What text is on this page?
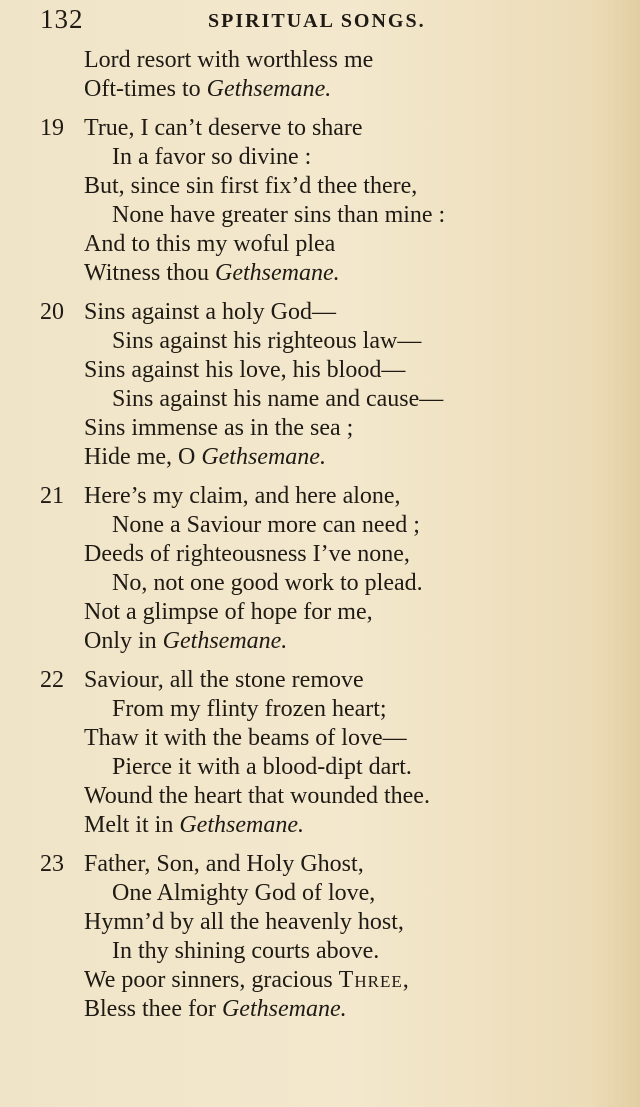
132	SPIRITUAL SONGS.
Lord resort with worthless me
Oft-times to Gethsemane.
19 True, I can’t deserve to share
In a favor so divine :
But, since sin first fix’d thee there,
None have greater sins than mine :
And to this my woful plea
Witness thou Gethsemane.
20 Sins against a holy God—
Sins against his righteous law—
Sins against his love, his blood—
Sins against his name and cause—
Sins immense as in the sea ;
Hide me, O Gethsemane.
21 Here’s my claim, and here alone,
None a Saviour more can need ;
Deeds of righteousness I’ve none,
No, not one good work to plead.
Not a glimpse of hope for me,
Only in Gethsemane.
22 Saviour, all the stone remove
From my flinty frozen heart;
Thaw it with the beams of love—
Pierce it with a blood-dipt dart.
Wound the heart that wounded thee.
Melt it in Gethsemane.
23 Father, Son, and Holy Ghost,
One Almighty God of love,
Hymn’d by all the heavenly host,
In thy shining courts above.
We poor sinners, gracious Three,
Bless thee for Gethsemane.
